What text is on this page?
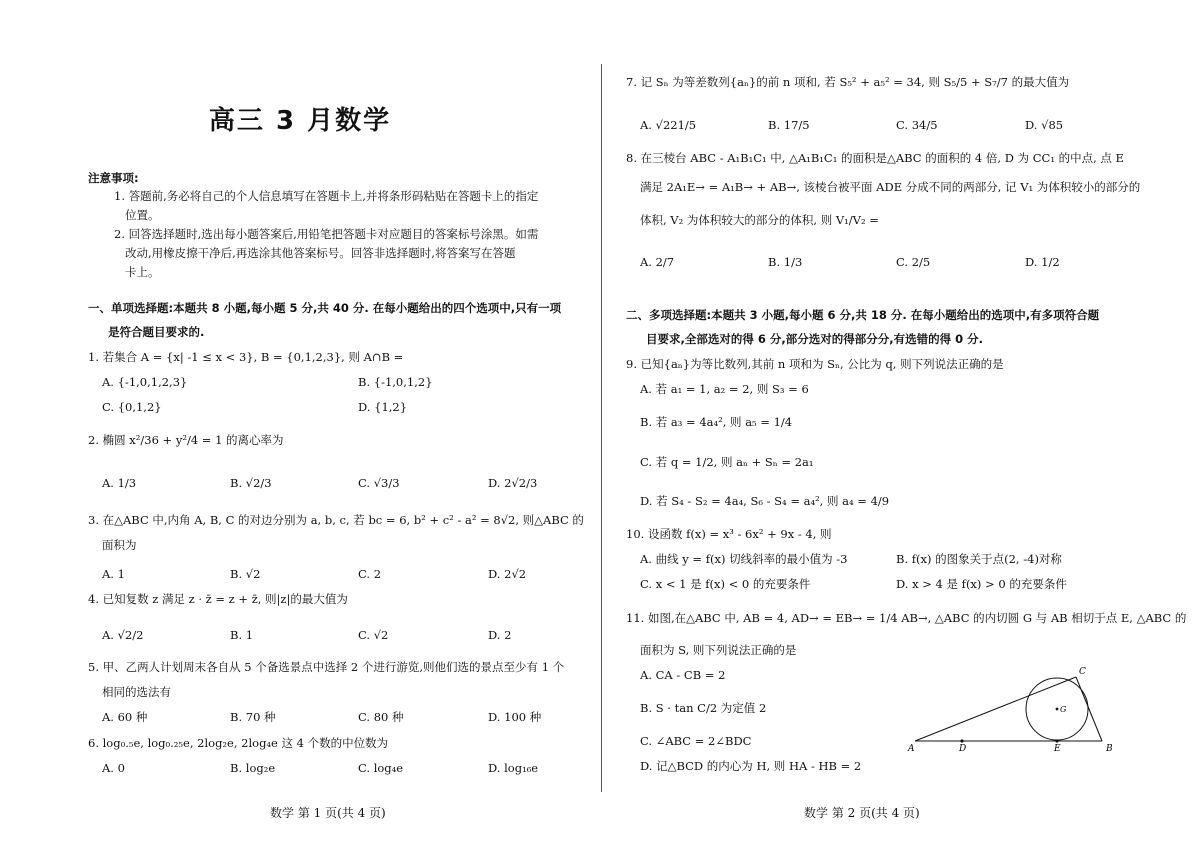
高三 3 月数学
注意事项:
1. 答题前,务必将自己的个人信息填写在答题卡上,并将条形码粘贴在答题卡上的指定
位置。
2. 回答选择题时,选出每小题答案后,用铅笔把答题卡对应题目的答案标号涂黑。如需
改动,用橡皮擦干净后,再选涂其他答案标号。回答非选择题时,将答案写在答题
卡上。
一、单项选择题:本题共 8 小题,每小题 5 分,共 40 分. 在每小题给出的四个选项中,只有一项
是符合题目要求的.
1. 若集合 A = {x| -1 ≤ x < 3}, B = {0,1,2,3}, 则 A∩B =
A. {-1,0,1,2,3}	B. {-1,0,1,2}
C. {0,1,2}	D. {1,2}
2. 椭圆 x²/36 + y²/4 = 1 的离心率为
A. 1/3	B. √2/3	C. √3/3	D. 2√2/3
3. 在△ABC 中,内角 A, B, C 的对边分别为 a, b, c, 若 bc = 6, b² + c² - a² = 8√2, 则△ABC 的
面积为
A. 1	B. √2	C. 2	D. 2√2
4. 已知复数 z 满足 z · z̄ = z + z̄, 则|z|的最大值为
A. √2/2	B. 1	C. √2	D. 2
5. 甲、乙两人计划周末各自从 5 个备选景点中选择 2 个进行游览,则他们选的景点至少有 1 个
相同的选法有
A. 60 种	B. 70 种	C. 80 种	D. 100 种
6. log₀.₅e, log₀.₂₅e, 2log₂e, 2log₄e 这 4 个数的中位数为
A. 0	B. log₂e	C. log₄e	D. log₁₆e
数学 第 1 页(共 4 页)
7. 记 Sₙ 为等差数列{aₙ}的前 n 项和, 若 S₅² + a₅² = 34, 则 S₅/5 + S₇/7 的最大值为
A. √221/5	B. 17/5	C. 34/5	D. √85
8. 在三棱台 ABC - A₁B₁C₁ 中, △A₁B₁C₁ 的面积是△ABC 的面积的 4 倍, D 为 CC₁ 的中点, 点 E
满足 2A₁E→ = A₁B→ + AB→, 该棱台被平面 ADE 分成不同的两部分, 记 V₁ 为体积较小的部分的
体积, V₂ 为体积较大的部分的体积, 则 V₁/V₂ =
A. 2/7	B. 1/3	C. 2/5	D. 1/2
二、多项选择题:本题共 3 小题,每小题 6 分,共 18 分. 在每小题给出的选项中,有多项符合题
目要求,全部选对的得 6 分,部分选对的得部分分,有选错的得 0 分.
9. 已知{aₙ}为等比数列,其前 n 项和为 Sₙ, 公比为 q, 则下列说法正确的是
A. 若 a₁ = 1, a₂ = 2, 则 S₃ = 6
B. 若 a₃ = 4a₄², 则 a₅ = 1/4
C. 若 q = 1/2, 则 aₙ + Sₙ = 2a₁
D. 若 S₄ - S₂ = 4a₄, S₆ - S₄ = a₄², 则 a₄ = 4/9
10. 设函数 f(x) = x³ - 6x² + 9x - 4, 则
A. 曲线 y = f(x) 切线斜率的最小值为 -3	B. f(x) 的图象关于点(2, -4)对称
C. x < 1 是 f(x) < 0 的充要条件	D. x > 4 是 f(x) > 0 的充要条件
11. 如图,在△ABC 中, AB = 4, AD→ = EB→ = 1/4 AB→, △ABC 的内切圆 G 与 AB 相切于点 E, △ABC 的
面积为 S, 则下列说法正确的是
A. CA - CB = 2
B. S · tan C/2 为定值 2
C. ∠ABC = 2∠BDC
D. 记△BCD 的内心为 H, 则 HA - HB = 2
A	D	E	B
C
G
数学 第 2 页(共 4 页)
